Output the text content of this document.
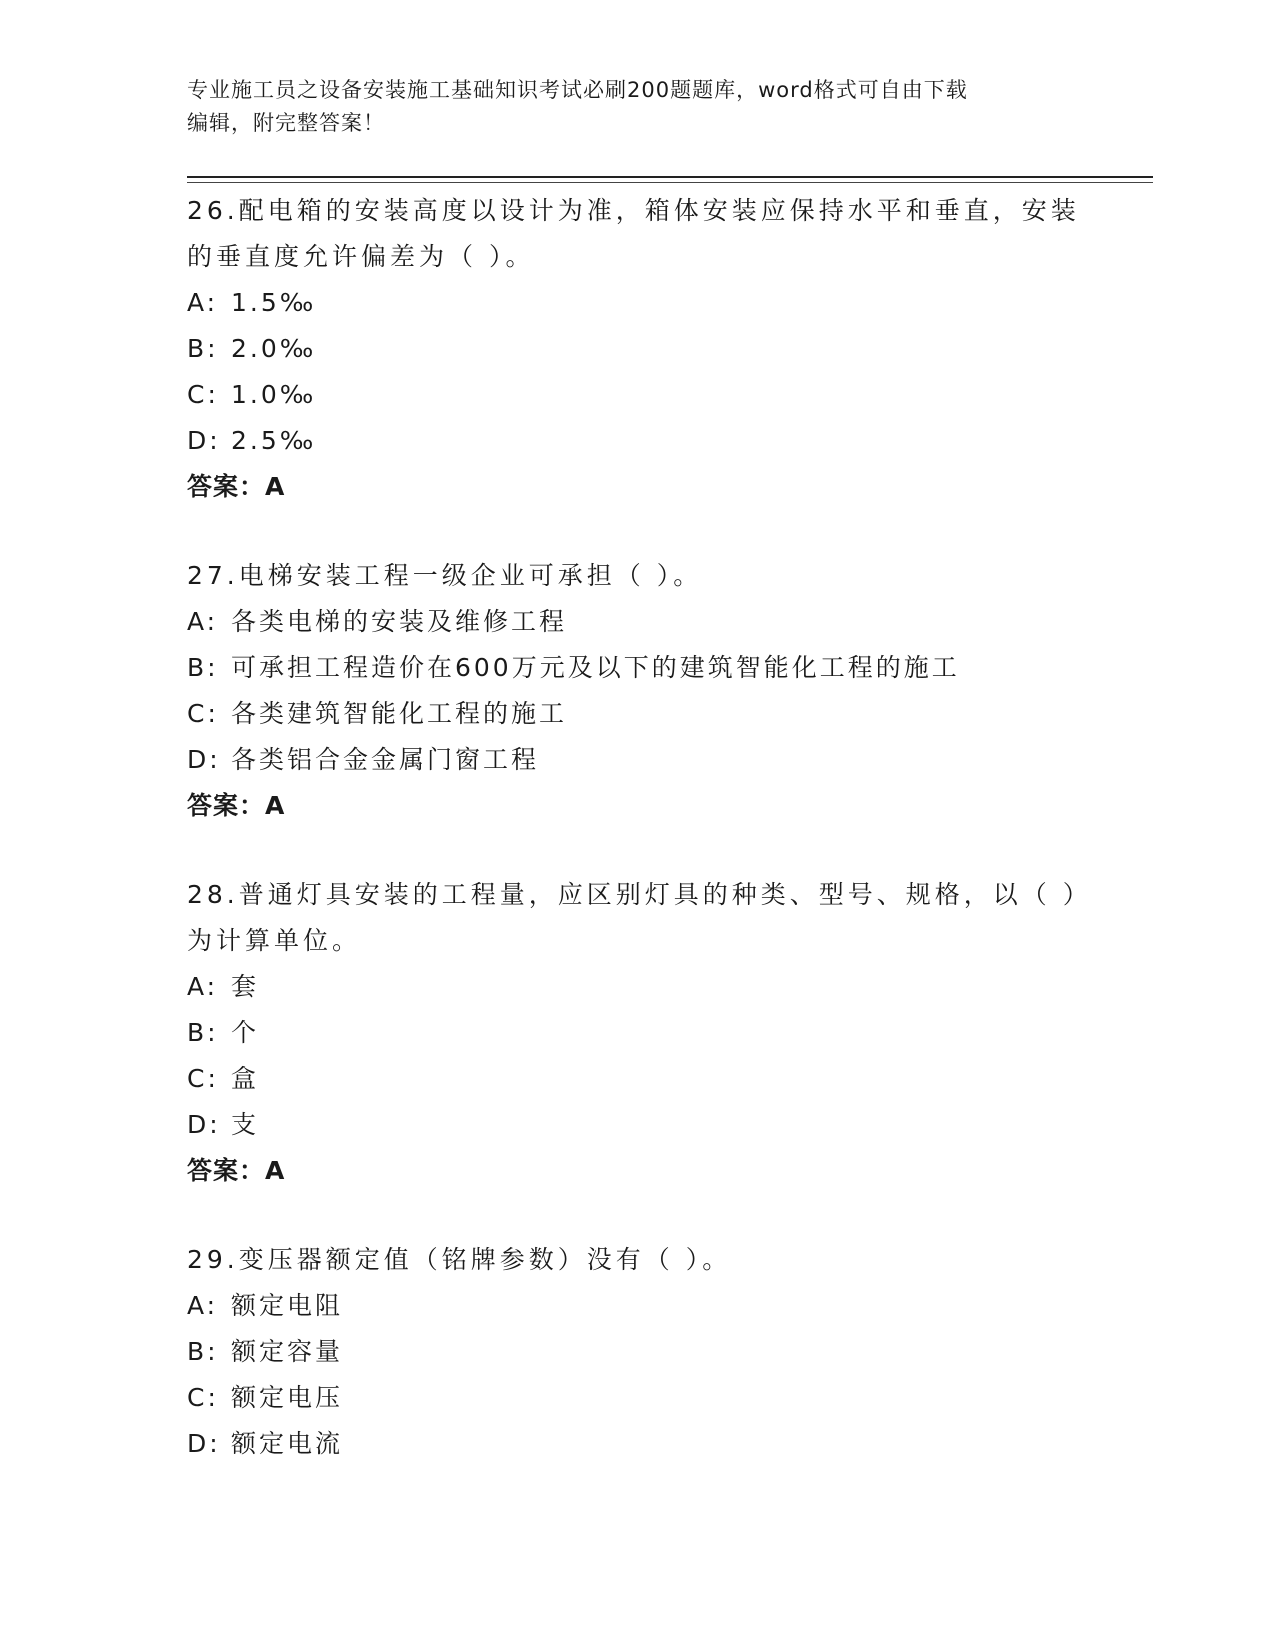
专业施工员之设备安装施工基础知识考试必刷200题题库，word格式可自由下载
编辑，附完整答案！
26.配电箱的安装高度以设计为准，箱体安装应保持水平和垂直，安装的垂直度允许偏差为（ ）。
A: 1.5‰
B: 2.0‰
C: 1.0‰
D: 2.5‰
答案：A
27.电梯安装工程一级企业可承担（ ）。
A: 各类电梯的安装及维修工程
B: 可承担工程造价在600万元及以下的建筑智能化工程的施工
C: 各类建筑智能化工程的施工
D: 各类铝合金金属门窗工程
答案：A
28.普通灯具安装的工程量，应区别灯具的种类、型号、规格，以（ ）为计算单位。
A: 套
B: 个
C: 盒
D: 支
答案：A
29.变压器额定值（铭牌参数）没有（ ）。
A: 额定电阻
B: 额定容量
C: 额定电压
D: 额定电流
